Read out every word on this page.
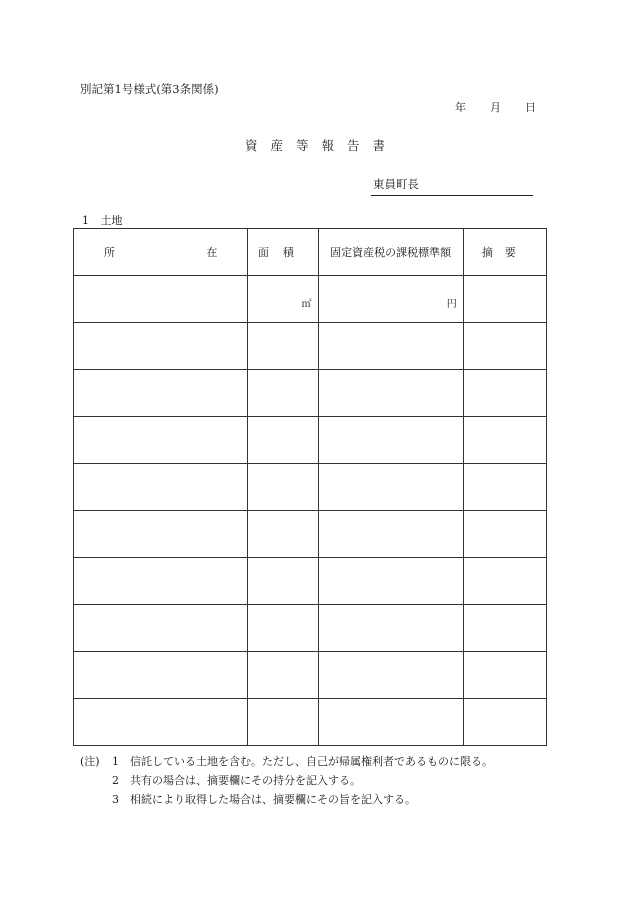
別記第1号様式(第3条関係)
年 月 日
資産等報告書
東員町長
1 土地
所 在	面積	固定資産税の課税標準額	摘要

	㎡	円	

(注)	1	信託している土地を含む。ただし、自己が帰属権利者であるものに限る。
2	共有の場合は、摘要欄にその持分を記入する。
3	相続により取得した場合は、摘要欄にその旨を記入する。
